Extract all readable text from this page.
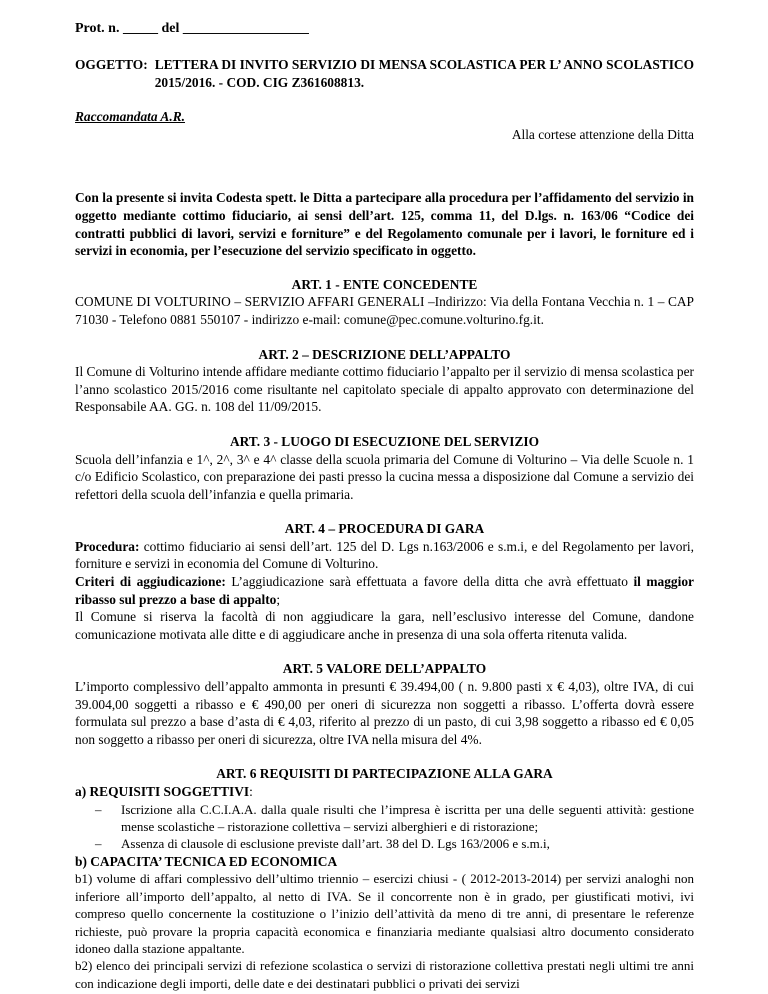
Prot. n. _____ del __________________
OGGETTO: LETTERA DI INVITO SERVIZIO DI MENSA SCOLASTICA PER L’ ANNO SCOLASTICO 2015/2016. - COD. CIG Z361608813.
Raccomandata A.R.
Alla cortese attenzione della Ditta
Con la presente si invita Codesta spett. le Ditta a partecipare alla procedura per l’affidamento del servizio in oggetto mediante cottimo fiduciario, ai sensi dell’art. 125, comma 11, del D.lgs. n. 163/06 “Codice dei contratti pubblici di lavori, servizi e forniture” e del Regolamento comunale per i lavori, le forniture ed i servizi in economia, per l’esecuzione del servizio specificato in oggetto.
ART. 1 - ENTE CONCEDENTE
COMUNE DI VOLTURINO – SERVIZIO AFFARI GENERALI –Indirizzo: Via della Fontana Vecchia n. 1 – CAP 71030 - Telefono 0881 550107 - indirizzo e-mail: comune@pec.comune.volturino.fg.it.
ART. 2 – DESCRIZIONE DELL’APPALTO
Il Comune di Volturino intende affidare mediante cottimo fiduciario l’appalto per il servizio di mensa scolastica per l’anno scolastico 2015/2016 come risultante nel capitolato speciale di appalto approvato con determinazione del Responsabile AA. GG. n. 108 del 11/09/2015.
ART. 3 - LUOGO DI ESECUZIONE DEL SERVIZIO
Scuola dell’infanzia e 1^, 2^, 3^ e 4^ classe della scuola primaria del Comune di Volturino – Via delle Scuole n. 1 c/o Edificio Scolastico, con preparazione dei pasti presso la cucina messa a disposizione dal Comune a servizio dei refettori della scuola dell’infanzia e quella primaria.
ART. 4 – PROCEDURA DI GARA
Procedura: cottimo fiduciario ai sensi dell’art. 125 del D. Lgs n.163/2006 e s.m.i, e del Regolamento per lavori, forniture e servizi in economia del Comune di Volturino.
Criteri di aggiudicazione: L’aggiudicazione sarà effettuata a favore della ditta che avrà effettuato il maggior ribasso sul prezzo a base di appalto;
Il Comune si riserva la facoltà di non aggiudicare la gara, nell’esclusivo interesse del Comune, dandone comunicazione motivata alle ditte e di aggiudicare anche in presenza di una sola offerta ritenuta valida.
ART. 5 VALORE DELL’APPALTO
L’importo complessivo dell’appalto ammonta in presunti € 39.494,00 ( n. 9.800 pasti x € 4,03), oltre IVA, di cui 39.004,00 soggetti a ribasso e € 490,00 per oneri di sicurezza non soggetti a ribasso. L’offerta dovrà essere formulata sul prezzo a base d’asta di € 4,03, riferito al prezzo di un pasto, di cui 3,98 soggetto a ribasso ed € 0,05 non soggetto a ribasso per oneri di sicurezza, oltre IVA nella misura del 4%.
ART. 6 REQUISITI DI PARTECIPAZIONE ALLA GARA
a) REQUISITI SOGGETTIVI:
– Iscrizione alla C.C.I.A.A. dalla quale risulti che l’impresa è iscritta per una delle seguenti attività: gestione mense scolastiche – ristorazione collettiva – servizi alberghieri e di ristorazione;
– Assenza di clausole di esclusione previste dall’art. 38 del D. Lgs 163/2006 e s.m.i,
b) CAPACITA’ TECNICA ED ECONOMICA
b1) volume di affari complessivo dell’ultimo triennio – esercizi chiusi - ( 2012-2013-2014) per servizi analoghi non inferiore all’importo dell’appalto, al netto di IVA. Se il concorrente non è in grado, per giustificati motivi, ivi compreso quello concernente la costituzione o l’inizio dell’attività da meno di tre anni, di presentare le referenze richieste, può provare la propria capacità economica e finanziaria mediante qualsiasi altro documento considerato idoneo dalla stazione appaltante.
b2) elenco dei principali servizi di refezione scolastica o servizi di ristorazione collettiva prestati negli ultimi tre anni con indicazione degli importi, delle date e dei destinatari pubblici o privati dei servizi
